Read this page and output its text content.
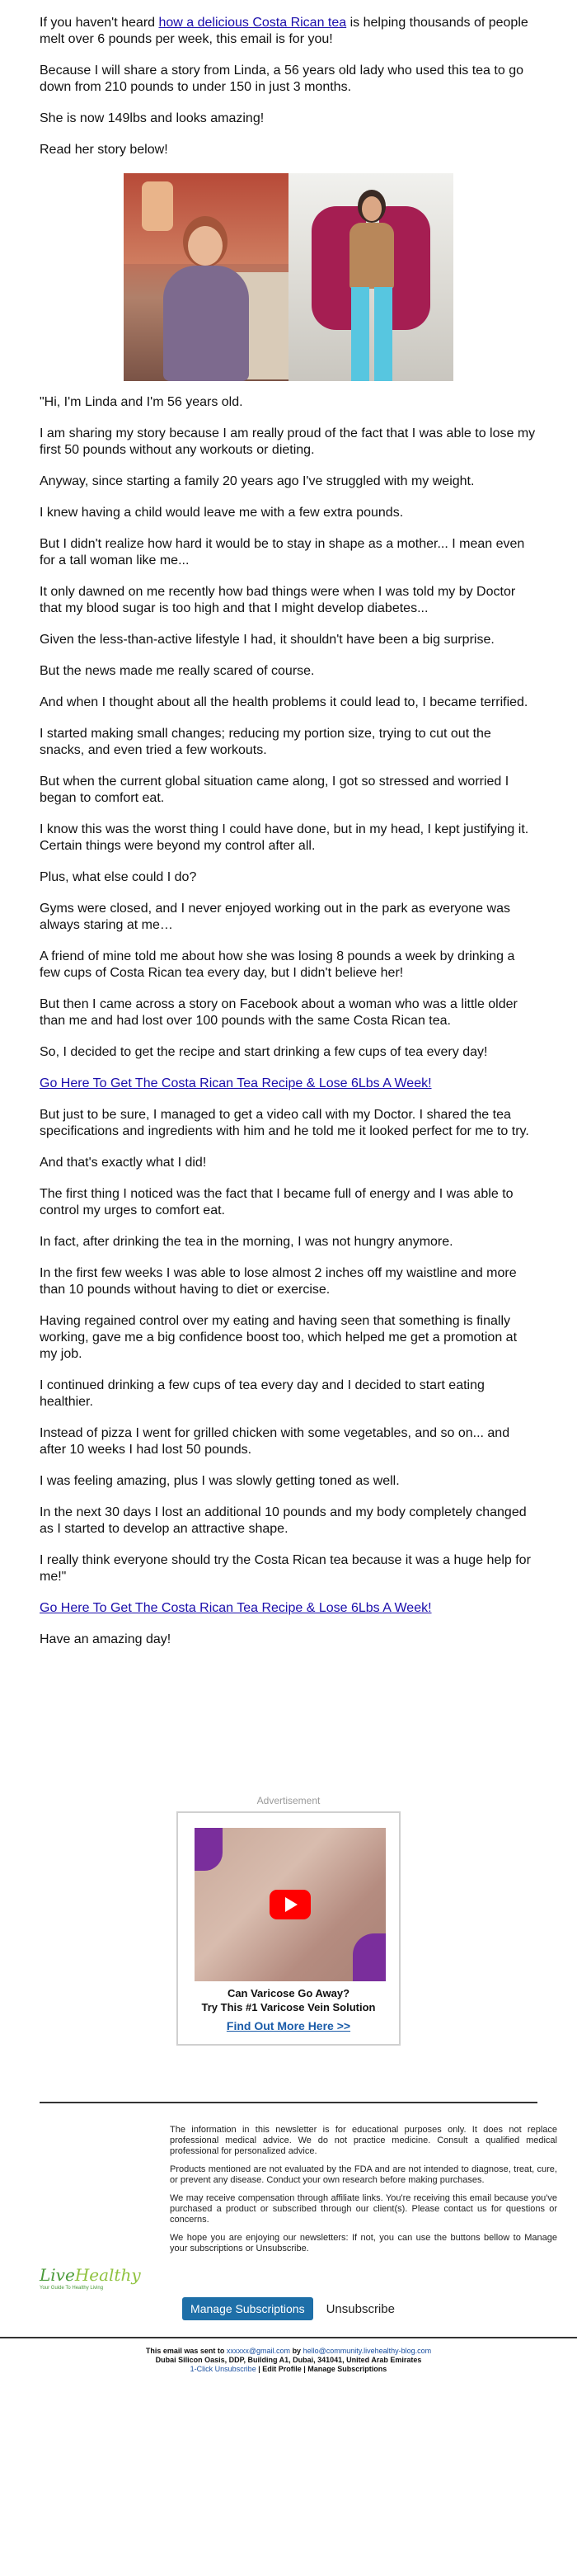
If you haven't heard how a delicious Costa Rican tea is helping thousands of people melt over 6 pounds per week, this email is for you!

Because I will share a story from Linda, a 56 years old lady who used this tea to go down from 210 pounds to under 150 in just 3 months.

She is now 149lbs and looks amazing!

Read her story below!

"Hi, I'm Linda and I'm 56 years old.

I am sharing my story because I am really proud of the fact that I was able to lose my first 50 pounds without any workouts or dieting.

Anyway, since starting a family 20 years ago I've struggled with my weight.

I knew having a child would leave me with a few extra pounds.

But I didn't realize how hard it would be to stay in shape as a mother... I mean even for a tall woman like me...

It only dawned on me recently how bad things were when I was told my by Doctor that my blood sugar is too high and that I might develop diabetes...

Given the less-than-active lifestyle I had, it shouldn't have been a big surprise.

But the news made me really scared of course.

And when I thought about all the health problems it could lead to, I became terrified.

I started making small changes; reducing my portion size, trying to cut out the snacks, and even tried a few workouts.

But when the current global situation came along, I got so stressed and worried I began to comfort eat.

I know this was the worst thing I could have done, but in my head, I kept justifying it. Certain things were beyond my control after all.

Plus, what else could I do?

Gyms were closed, and I never enjoyed working out in the park as everyone was always staring at me…

A friend of mine told me about how she was losing 8 pounds a week by drinking a few cups of Costa Rican tea every day, but I didn't believe her!

But then I came across a story on Facebook about a woman who was a little older than me and had lost over 100 pounds with the same Costa Rican tea.

So, I decided to get the recipe and start drinking a few cups of tea every day!

Go Here To Get The Costa Rican Tea Recipe & Lose 6Lbs A Week!

But just to be sure, I managed to get a video call with my Doctor. I shared the tea specifications and ingredients with him and he told me it looked perfect for me to try.

And that's exactly what I did!

The first thing I noticed was the fact that I became full of energy and I was able to control my urges to comfort eat.

In fact, after drinking the tea in the morning, I was not hungry anymore.

In the first few weeks I was able to lose almost 2 inches off my waistline and more than 10 pounds without having to diet or exercise.

Having regained control over my eating and having seen that something is finally working, gave me a big confidence boost too, which helped me get a promotion at my job.

I continued drinking a few cups of tea every day and I decided to start eating healthier.

Instead of pizza I went for grilled chicken with some vegetables, and so on... and after 10 weeks I had lost 50 pounds.

I was feeling amazing, plus I was slowly getting toned as well.

In the next 30 days I lost an additional 10 pounds and my body completely changed as I started to develop an attractive shape.

I really think everyone should try the Costa Rican tea because it was a huge help for me!"

Go Here To Get The Costa Rican Tea Recipe & Lose 6Lbs A Week!

Have an amazing day!

Advertisement
Can Varicose Go Away?
Try This #1 Varicose Vein Solution
Find Out More Here >>
LiveHealthy
Your Guide To Healthy Living

The information in this newsletter is for educational purposes only. It does not replace professional medical advice. We do not practice medicine. Consult a qualified medical professional for personalized advice.

Products mentioned are not evaluated by the FDA and are not intended to diagnose, treat, cure, or prevent any disease. Conduct your own research before making purchases.

We may receive compensation through affiliate links. You're receiving this email because you've purchased a product or subscribed through our client(s). Please contact us for questions or concerns.

We hope you are enjoying our newsletters: If not, you can use the buttons bellow to Manage your subscriptions or Unsubscribe.

Manage Subscriptions	Unsubscribe
This email was sent to xxxxxx@gmail.com by hello@community.livehealthy-blog.com
Dubai Silicon Oasis, DDP, Building A1, Dubai, 341041, United Arab Emirates
1-Click Unsubscribe | Edit Profile | Manage Subscriptions
